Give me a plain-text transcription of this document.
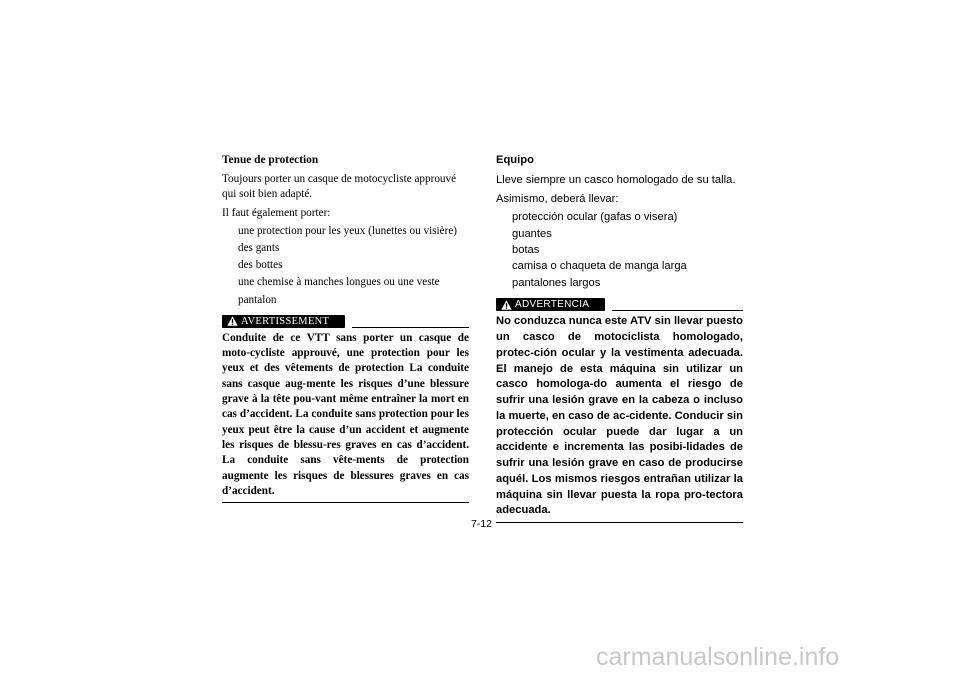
Tenue de protection

Toujours porter un casque de motocycliste approuvé qui soit bien adapté.

Il faut également porter:

une protection pour les yeux (lunettes ou visière)
des gants
des bottes
une chemise à manches longues ou une veste
pantalon
AVERTISSEMENT

Conduite de ce VTT sans porter un casque de moto-cycliste approuvé, une protection pour les yeux et des vêtements de protection La conduite sans casque aug-mente les risques d’une blessure grave à la tête pou-vant même entraîner la mort en cas d’accident. La conduite sans protection pour les yeux peut être la cause d’un accident et augmente les risques de blessu-res graves en cas d’accident. La conduite sans vête-ments de protection augmente les risques de blessures graves en cas d’accident.

Equipo

Lleve siempre un casco homologado de su talla.

Asimismo, deberá llevar:

protección ocular (gafas o visera)
guantes
botas
camisa o chaqueta de manga larga
pantalones largos
ADVERTENCIA

No conduzca nunca este ATV sin llevar puesto un casco de motociclista homologado, protec-ción ocular y la vestimenta adecuada. El manejo de esta máquina sin utilizar un casco homologa-do aumenta el riesgo de sufrir una lesión grave en la cabeza o incluso la muerte, en caso de ac-cidente. Conducir sin protección ocular puede dar lugar a un accidente e incrementa las posibi-lidades de sufrir una lesión grave en caso de producirse aquél. Los mismos riesgos entrañan utilizar la máquina sin llevar puesta la ropa pro-tectora adecuada.

7-12
carmanualsonline.info
